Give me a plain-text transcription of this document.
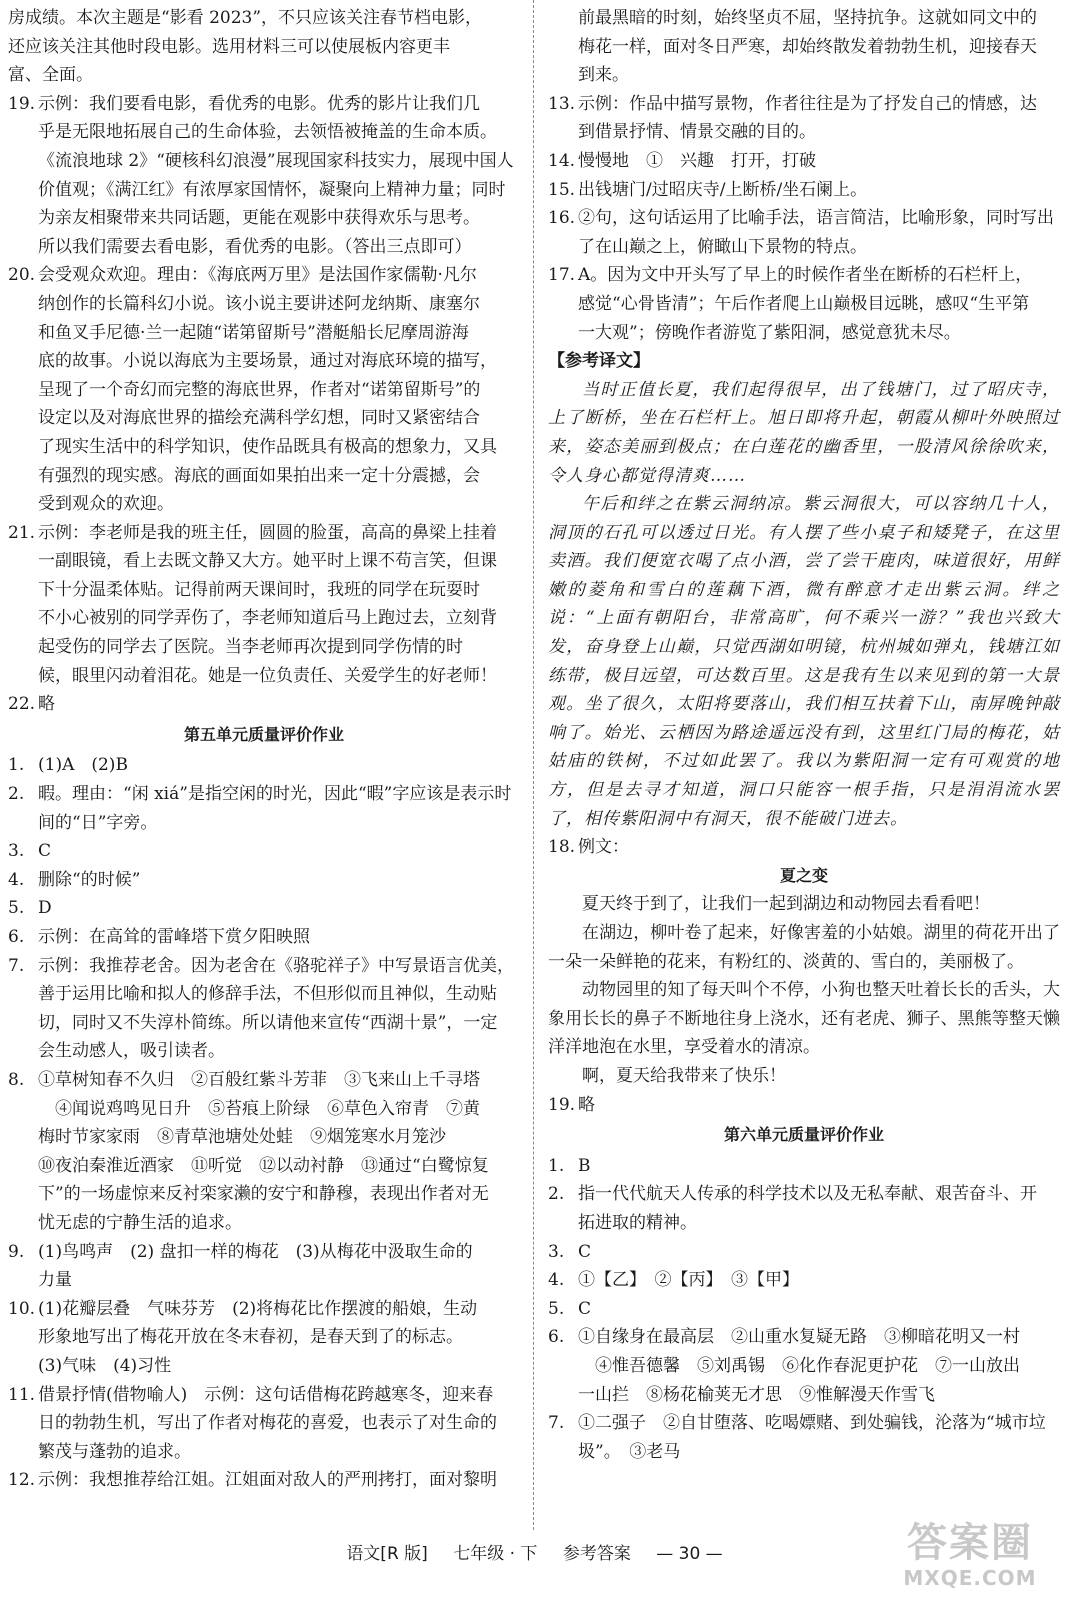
房成绩。本次主题是“影看 2023”，不只应该关注春节档电影，
还应该关注其他时段电影。选用材料三可以使展板内容更丰
富、全面。
19. 示例：我们要看电影，看优秀的电影。优秀的影片让我们几
乎是无限地拓展自己的生命体验，去领悟被掩盖的生命本质。
《流浪地球 2》“硬核科幻浪漫”展现国家科技实力，展现中国人
价值观；《满江红》有浓厚家国情怀，凝聚向上精神力量；同时
为亲友相聚带来共同话题，更能在观影中获得欢乐与思考。
所以我们需要去看电影，看优秀的电影。（答出三点即可）
20. 会受观众欢迎。理由：《海底两万里》是法国作家儒勒·凡尔
纳创作的长篇科幻小说。该小说主要讲述阿龙纳斯、康塞尔
和鱼叉手尼德·兰一起随“诺第留斯号”潜艇船长尼摩周游海
底的故事。小说以海底为主要场景，通过对海底环境的描写，
呈现了一个奇幻而完整的海底世界，作者对“诺第留斯号”的
设定以及对海底世界的描绘充满科学幻想，同时又紧密结合
了现实生活中的科学知识，使作品既具有极高的想象力，又具
有强烈的现实感。海底的画面如果拍出来一定十分震撼，会
受到观众的欢迎。
21. 示例：李老师是我的班主任，圆圆的脸蛋，高高的鼻梁上挂着
一副眼镜，看上去既文静又大方。她平时上课不苟言笑，但课
下十分温柔体贴。记得前两天课间时，我班的同学在玩耍时
不小心被别的同学弄伤了，李老师知道后马上跑过去，立刻背
起受伤的同学去了医院。当李老师再次提到同学伤情的时
候，眼里闪动着泪花。她是一位负责任、关爱学生的好老师！
22. 略
第五单元质量评价作业
1. (1)A　(2)B
2. 暇。理由：“闲 xiá”是指空闲的时光，因此“暇”字应该是表示时
间的“日”字旁。
3. C
4. 删除“的时候”
5. D
6. 示例：在高耸的雷峰塔下赏夕阳映照
7. 示例：我推荐老舍。因为老舍在《骆驼祥子》中写景语言优美，
善于运用比喻和拟人的修辞手法，不但形似而且神似，生动贴
切，同时又不失淳朴简练。所以请他来宣传“西湖十景”，一定
会生动感人，吸引读者。
8. ①草树知春不久归　②百般红紫斗芳菲　③飞来山上千寻塔
　④闻说鸡鸣见日升　⑤苔痕上阶绿　⑥草色入帘青　⑦黄
梅时节家家雨　⑧青草池塘处处蛙　⑨烟笼寒水月笼沙
⑩夜泊秦淮近酒家　⑪听觉　⑫以动衬静　⑬通过“白鹭惊复
下”的一场虚惊来反衬栾家濑的安宁和静穆，表现出作者对无
忧无虑的宁静生活的追求。
9. (1)鸟鸣声　(2) 盘扣一样的梅花　(3)从梅花中汲取生命的
力量
10. (1)花瓣层叠　气味芬芳　(2)将梅花比作摆渡的船娘，生动
形象地写出了梅花开放在冬末春初，是春天到了的标志。
(3)气味　(4)习性
11. 借景抒情(借物喻人)　示例：这句话借梅花跨越寒冬，迎来春
日的勃勃生机，写出了作者对梅花的喜爱，也表示了对生命的
繁茂与蓬勃的追求。
12. 示例：我想推荐给江姐。江姐面对敌人的严刑拷打，面对黎明
前最黑暗的时刻，始终坚贞不屈，坚持抗争。这就如同文中的
梅花一样，面对冬日严寒，却始终散发着勃勃生机，迎接春天
到来。
13. 示例：作品中描写景物，作者往往是为了抒发自己的情感，达
到借景抒情、情景交融的目的。
14. 慢慢地　①　兴趣　打开，打破
15. 出钱塘门/过昭庆寺/上断桥/坐石阑上。
16. ②句，这句话运用了比喻手法，语言简洁，比喻形象，同时写出
了在山巅之上，俯瞰山下景物的特点。
17. A。因为文中开头写了早上的时候作者坐在断桥的石栏杆上，
感觉“心骨皆清”；午后作者爬上山巅极目远眺，感叹“生平第
一大观”；傍晚作者游览了紫阳洞，感觉意犹未尽。
【参考译文】
当时正值长夏，我们起得很早，出了钱塘门，过了昭庆寺，上了断桥，坐在石栏杆上。旭日即将升起，朝霞从柳叶外映照过来，姿态美丽到极点；在白莲花的幽香里，一股清风徐徐吹来，令人身心都觉得清爽……
午后和绊之在紫云洞纳凉。紫云洞很大，可以容纳几十人，洞顶的石孔可以透过日光。有人摆了些小桌子和矮凳子，在这里卖酒。我们便宽衣喝了点小酒，尝了尝干鹿肉，味道很好，用鲜嫩的菱角和雪白的莲藕下酒，微有醉意才走出紫云洞。绊之说：“上面有朝阳台，非常高旷，何不乘兴一游？”我也兴致大发，奋身登上山巅，只觉西湖如明镜，杭州城如弹丸，钱塘江如练带，极目远望，可达数百里。这是我有生以来见到的第一大景观。坐了很久，太阳将要落山，我们相互扶着下山，南屏晚钟敲响了。始光、云栖因为路途遥远没有到，这里红门局的梅花，姑姑庙的铁树，不过如此罢了。我以为紫阳洞一定有可观赏的地方，但是去寻才知道，洞口只能容一根手指，只是涓涓流水罢了，相传紫阳洞中有洞天，很不能破门进去。
18. 例文：
夏之变
夏天终于到了，让我们一起到湖边和动物园去看看吧！
在湖边，柳叶卷了起来，好像害羞的小姑娘。湖里的荷花开出了一朵一朵鲜艳的花来，有粉红的、淡黄的、雪白的，美丽极了。
动物园里的知了每天叫个不停，小狗也整天吐着长长的舌头，大象用长长的鼻子不断地往身上浇水，还有老虎、狮子、黑熊等整天懒洋洋地泡在水里，享受着水的清凉。
啊，夏天给我带来了快乐！
19. 略
第六单元质量评价作业
1. B
2. 指一代代航天人传承的科学技术以及无私奉献、艰苦奋斗、开
拓进取的精神。
3. C
4. ①【乙】　②【丙】　③【甲】
5. C
6. ①自缘身在最高层　②山重水复疑无路　③柳暗花明又一村
　④惟吾德馨　⑤刘禹锡　⑥化作春泥更护花　⑦一山放出
一山拦　⑧杨花榆荚无才思　⑨惟解漫天作雪飞
7. ①二强子　②自甘堕落、吃喝嫖赌、到处骗钱，沦落为“城市垃
圾”。　③老马
语文[R 版] 七年级 · 下 参考答案 — 30 —	答案圈
MXQE.COM
